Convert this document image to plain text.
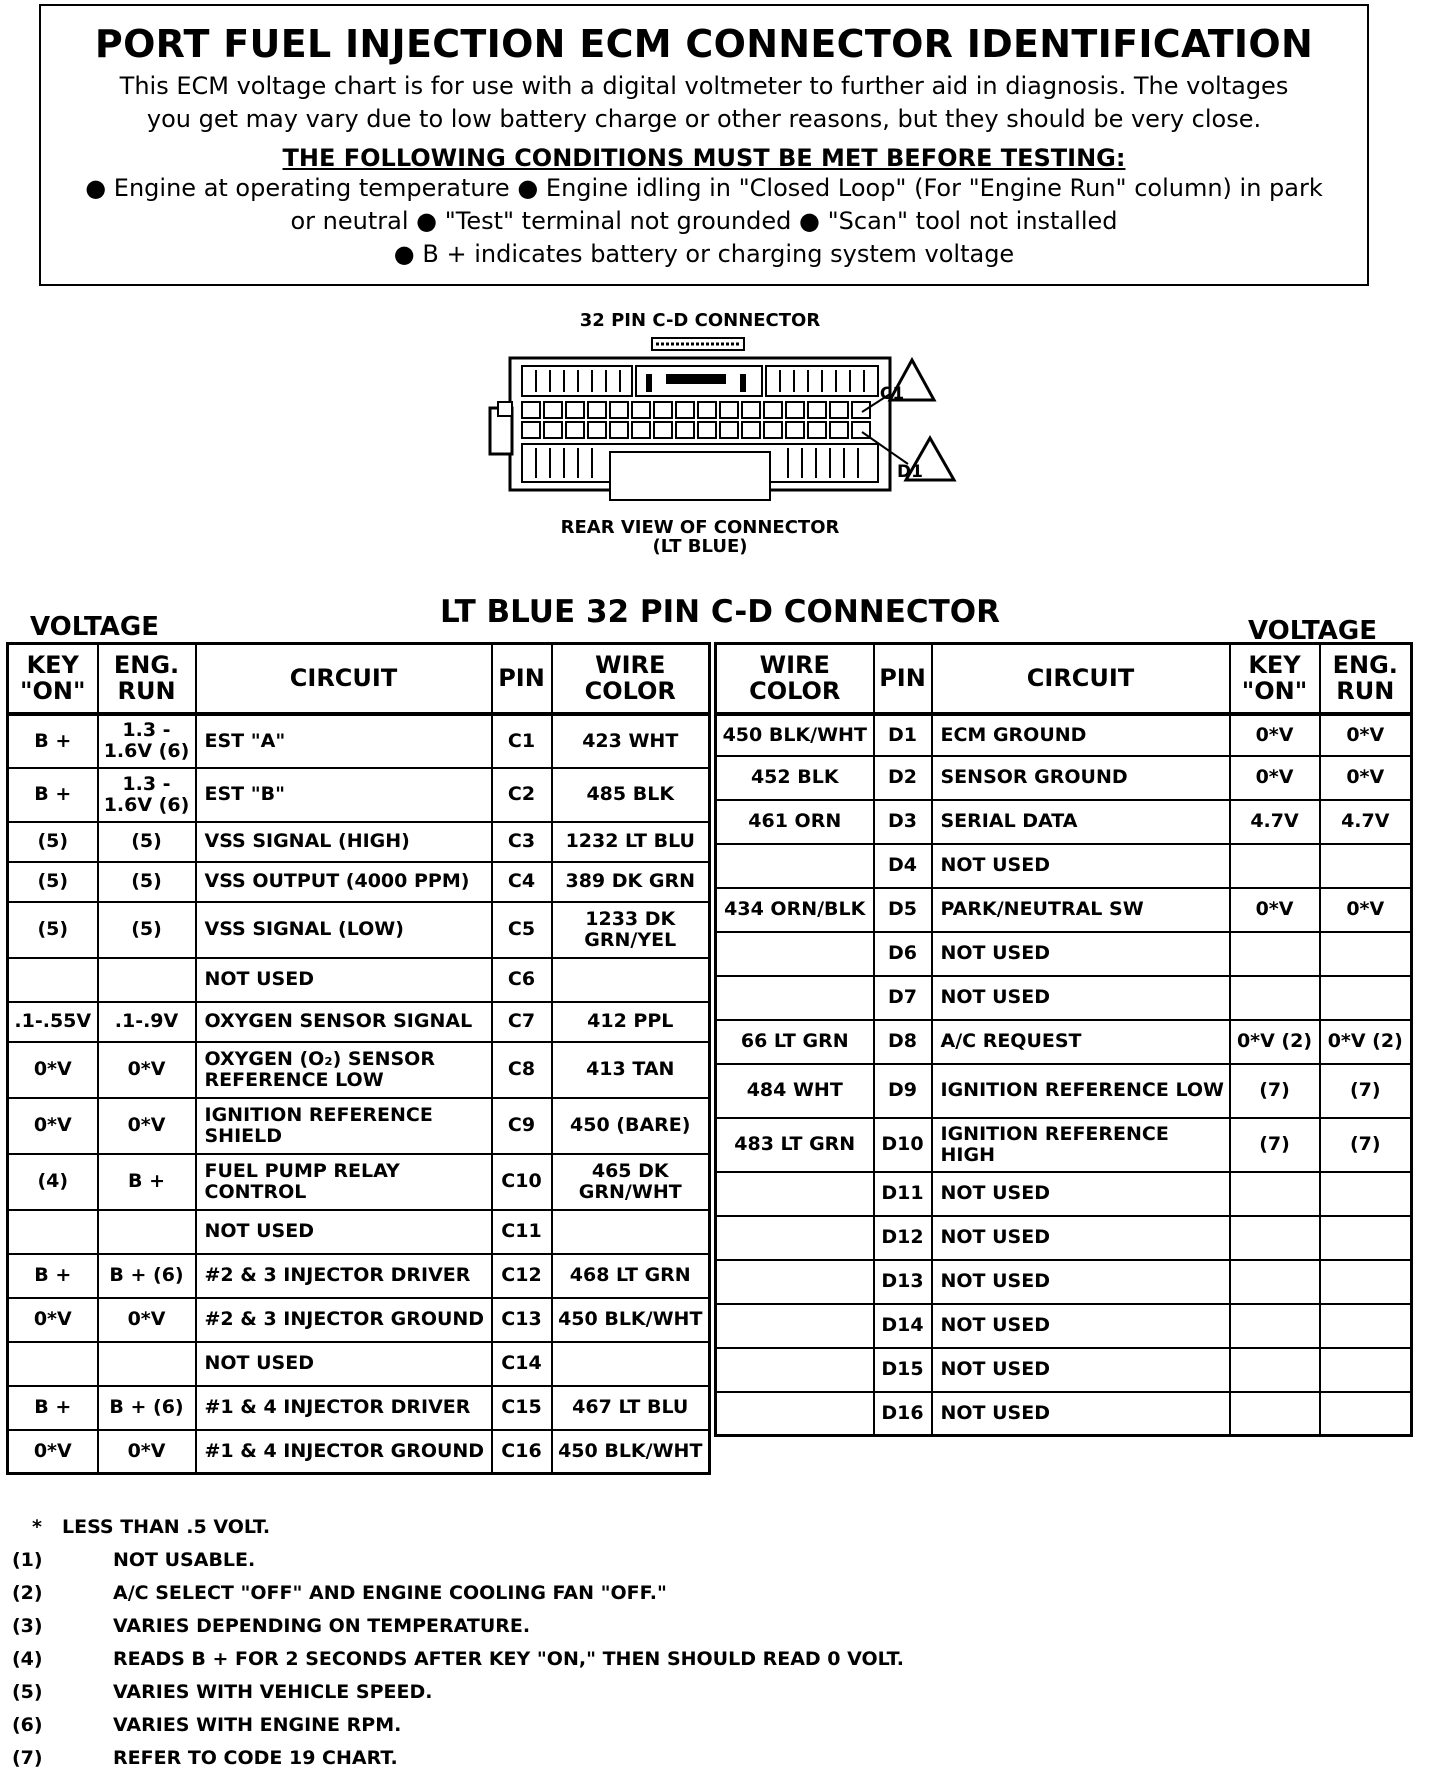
PORT FUEL INJECTION ECM CONNECTOR IDENTIFICATION
This ECM voltage chart is for use with a digital voltmeter to further aid in diagnosis. The voltages you get may vary due to low battery charge or other reasons, but they should be very close.
THE FOLLOWING CONDITIONS MUST BE MET BEFORE TESTING:
● Engine at operating temperature ● Engine idling in "Closed Loop" (For "Engine Run" column) in park or neutral ● "Test" terminal not grounded ● "Scan" tool not installed
● B + indicates battery or charging system voltage
32 PIN C-D CONNECTOR
C1
D1
REAR VIEW OF CONNECTOR
(LT BLUE)
LT BLUE 32 PIN C-D CONNECTOR
VOLTAGE	VOLTAGE
KEY "ON"	ENG. RUN	CIRCUIT	PIN	WIRE COLOR
B +	1.3 - 1.6V (6)	EST "A"	C1	423 WHT
B +	1.3 - 1.6V (6)	EST "B"	C2	485 BLK
(5)	(5)	VSS SIGNAL (HIGH)	C3	1232 LT BLU
(5)	(5)	VSS OUTPUT (4000 PPM)	C4	389 DK GRN
(5)	(5)	VSS SIGNAL (LOW)	C5	1233 DK GRN/YEL
		NOT USED	C6	
.1-.55V	.1-.9V	OXYGEN SENSOR SIGNAL	C7	412 PPL
0*V	0*V	OXYGEN (O₂) SENSOR REFERENCE LOW	C8	413 TAN
0*V	0*V	IGNITION REFERENCE SHIELD	C9	450 (BARE)
(4)	B +	FUEL PUMP RELAY CONTROL	C10	465 DK GRN/WHT
		NOT USED	C11	
B +	B + (6)	#2 & 3 INJECTOR DRIVER	C12	468 LT GRN
0*V	0*V	#2 & 3 INJECTOR GROUND	C13	450 BLK/WHT
		NOT USED	C14	
B +	B + (6)	#1 & 4 INJECTOR DRIVER	C15	467 LT BLU
0*V	0*V	#1 & 4 INJECTOR GROUND	C16	450 BLK/WHT
WIRE COLOR	PIN	CIRCUIT	KEY "ON"	ENG. RUN
450 BLK/WHT	D1	ECM GROUND	0*V	0*V
452 BLK	D2	SENSOR GROUND	0*V	0*V
461 ORN	D3	SERIAL DATA	4.7V	4.7V
	D4	NOT USED		
434 ORN/BLK	D5	PARK/NEUTRAL SW	0*V	0*V
	D6	NOT USED		
	D7	NOT USED		
66 LT GRN	D8	A/C REQUEST	0*V (2)	0*V (2)
484 WHT	D9	IGNITION REFERENCE LOW	(7)	(7)
483 LT GRN	D10	IGNITION REFERENCE HIGH	(7)	(7)
	D11	NOT USED		
	D12	NOT USED		
	D13	NOT USED		
	D14	NOT USED		
	D15	NOT USED		
	D16	NOT USED		
* LESS THAN .5 VOLT.
(1)	NOT USABLE.
(2)	A/C SELECT "OFF" AND ENGINE COOLING FAN "OFF."
(3)	VARIES DEPENDING ON TEMPERATURE.
(4)	READS B + FOR 2 SECONDS AFTER KEY "ON," THEN SHOULD READ 0 VOLT.
(5)	VARIES WITH VEHICLE SPEED.
(6)	VARIES WITH ENGINE RPM.
(7)	REFER TO CODE 19 CHART.
